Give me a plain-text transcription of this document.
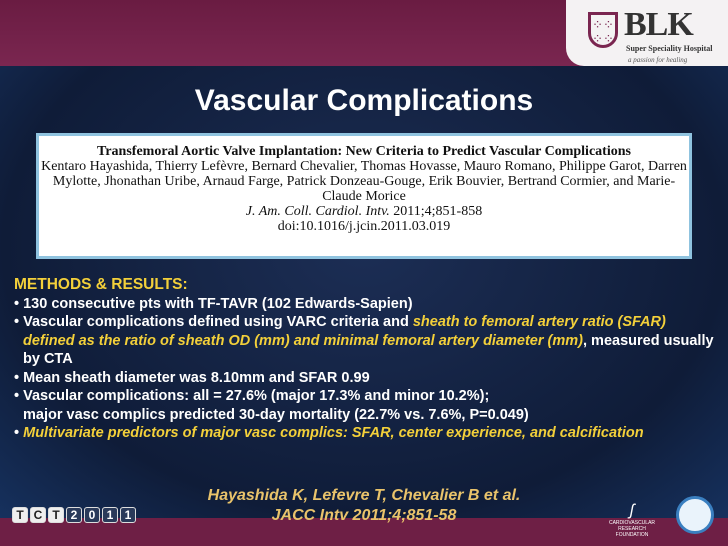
⁘⁘
⁘⁘ BLK
Super Speciality Hospital
a passion for healing
Vascular Complications
Transfemoral Aortic Valve Implantation: New Criteria to Predict Vascular Complications
Kentaro Hayashida, Thierry Lefèvre, Bernard Chevalier, Thomas Hovasse, Mauro Romano, Philippe Garot, Darren Mylotte, Jhonathan Uribe, Arnaud Farge, Patrick Donzeau-Gouge, Erik Bouvier, Bertrand Cormier, and Marie-Claude Morice
J. Am. Coll. Cardiol. Intv. 2011;4;851-858
doi:10.1016/j.jcin.2011.03.019
METHODS & RESULTS:
• 130 consecutive pts with TF-TAVR (102 Edwards-Sapien)
• Vascular complications defined using VARC criteria and sheath to femoral artery ratio (SFAR) defined as the ratio of sheath OD (mm) and minimal femoral artery diameter (mm), measured usually by CTA
• Mean sheath diameter was 8.10mm and SFAR 0.99
• Vascular complications: all = 27.6% (major 17.3% and minor 10.2%);
major vasc complics predicted 30-day mortality (22.7% vs. 7.6%, P=0.049)
• Multivariate predictors of major vasc complics: SFAR, center experience, and calcification
T C T 2 0 1 1
Hayashida K, Lefevre T, Chevalier B et al.
JACC Intv 2011;4;851-58	ʃ
CARDIOVASCULAR RESEARCH FOUNDATION
